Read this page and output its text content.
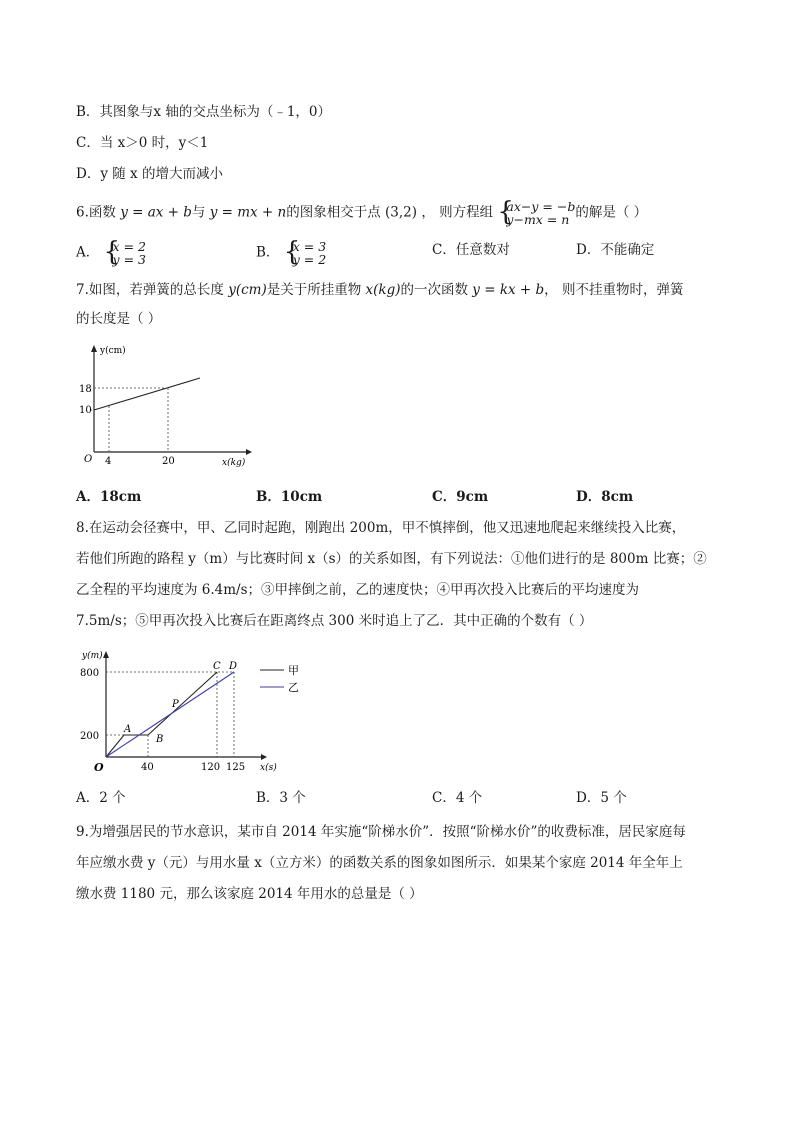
B．其图象与x 轴的交点坐标为（﹣1，0）
C．当 x＞0 时，y＜1
D．y 随 x 的增大而减小
6.函数 y = ax + b与 y = mx + n的图象相交于点 (3,2) ， 则方程组 {
ax−y = −b
y−mx = n 的解是（ ）
A． {
x = 2
y = 3	B． {
x = 3
y = 2
C．任意数对	D．不能确定
7.如图，若弹簧的总长度 y(cm)是关于所挂重物 x(kg)的一次函数 y = kx + b， 则不挂重物时，弹簧
的长度是（ ）
y(cm)
x(kg)
O
18
10
4	20
A．18cm	B．10cm	C．9cm	D．8cm
8.在运动会径赛中，甲、乙同时起跑，刚跑出 200m，甲不慎摔倒，他又迅速地爬起来继续投入比赛，
若他们所跑的路程 y（m）与比赛时间 x（s）的关系如图，有下列说法：①他们进行的是 800m 比赛；②
乙全程的平均速度为 6.4m/s；③甲摔倒之前，乙的速度快；④甲再次投入比赛后的平均速度为
7.5m/s；⑤甲再次投入比赛后在距离终点 300 米时追上了乙．其中正确的个数有（ ）
y(m)
x(s)
O
800
200
40	120 125
A
B
P
C D	甲
乙
A．2 个	B．3 个	C．4 个	D．5 个
9.为增强居民的节水意识，某市自 2014 年实施“阶梯水价”．按照“阶梯水价”的收费标准，居民家庭每
年应缴水费 y（元）与用水量 x（立方米）的函数关系的图象如图所示．如果某个家庭 2014 年全年上
缴水费 1180 元，那么该家庭 2014 年用水的总量是（ ）
